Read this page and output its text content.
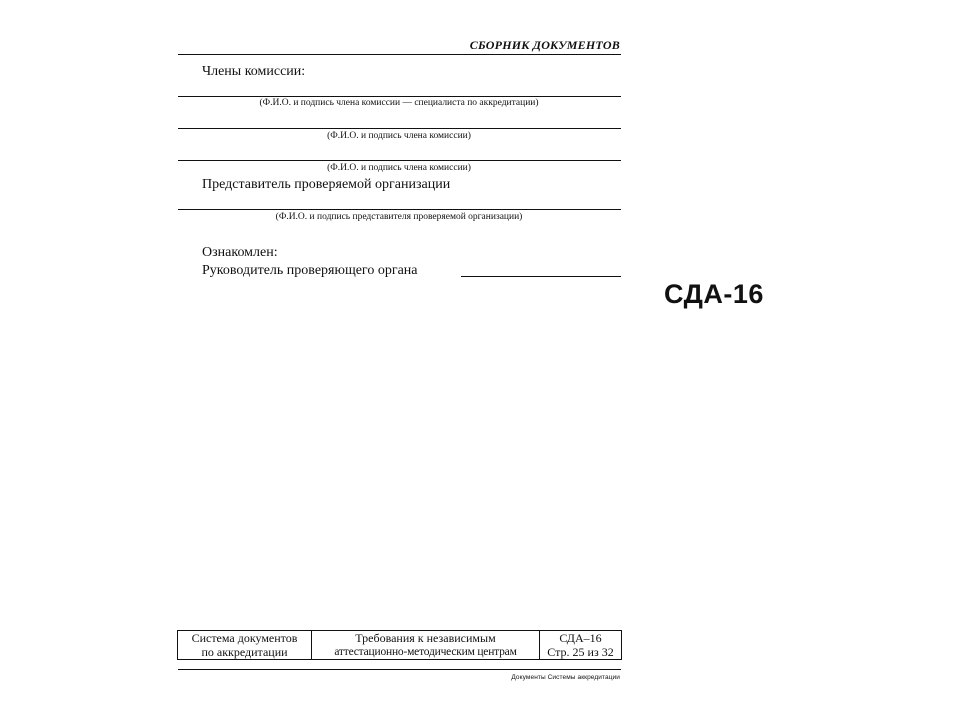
СБОРНИК ДОКУМЕНТОВ
Члены комиссии:
(Ф.И.О. и подпись члена комиссии — специалиста по аккредитации)
(Ф.И.О. и подпись члена комиссии)
(Ф.И.О. и подпись члена комиссии)
Представитель проверяемой организации
(Ф.И.О. и подпись представителя проверяемой организации)
Ознакомлен:
Руководитель проверяющего органа
СДА-16
Система документов	Требования к независимым	СДА–16
по аккредитации	аттестационно-методическим центрам	Стр. 25 из 32
Документы Системы аккредитации
